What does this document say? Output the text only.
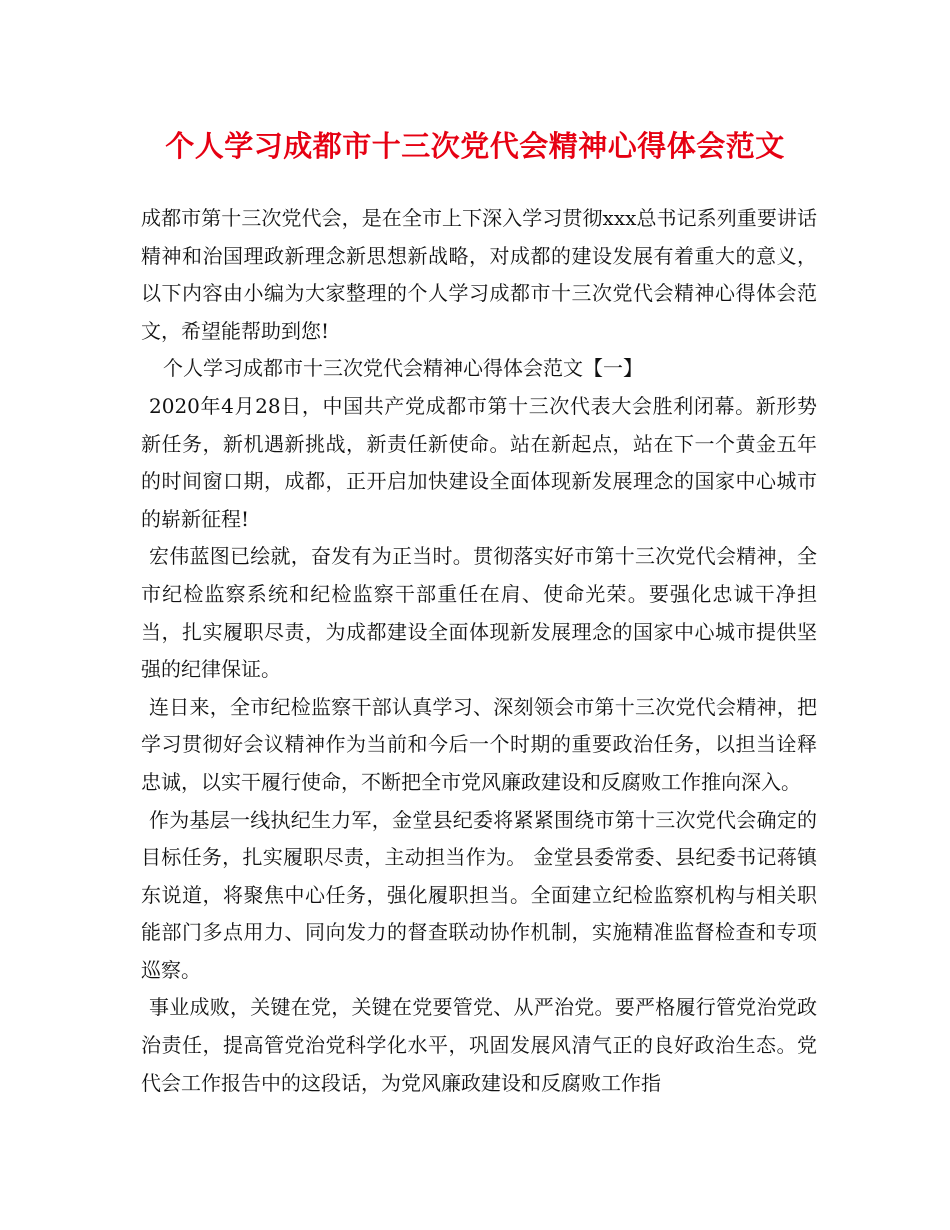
个人学习成都市十三次党代会精神心得体会范文

成都市第十三次党代会，是在全市上下深入学习贯彻xxx总书记系列重要讲话精神和治国理政新理念新思想新战略，对成都的建设发展有着重大的意义，以下内容由小编为大家整理的个人学习成都市十三次党代会精神心得体会范文，希望能帮助到您!

个人学习成都市十三次党代会精神心得体会范文【一】

2020年4月28日，中国共产党成都市第十三次代表大会胜利闭幕。新形势新任务，新机遇新挑战，新责任新使命。站在新起点，站在下一个黄金五年的时间窗口期，成都，正开启加快建设全面体现新发展理念的国家中心城市的崭新征程!

宏伟蓝图已绘就，奋发有为正当时。贯彻落实好市第十三次党代会精神，全市纪检监察系统和纪检监察干部重任在肩、使命光荣。要强化忠诚干净担当，扎实履职尽责，为成都建设全面体现新发展理念的国家中心城市提供坚强的纪律保证。

连日来，全市纪检监察干部认真学习、深刻领会市第十三次党代会精神，把学习贯彻好会议精神作为当前和今后一个时期的重要政治任务，以担当诠释忠诚，以实干履行使命，不断把全市党风廉政建设和反腐败工作推向深入。

作为基层一线执纪生力军，金堂县纪委将紧紧围绕市第十三次党代会确定的目标任务，扎实履职尽责，主动担当作为。 金堂县委常委、县纪委书记蒋镇东说道，将聚焦中心任务，强化履职担当。全面建立纪检监察机构与相关职能部门多点用力、同向发力的督查联动协作机制，实施精准监督检查和专项巡察。

事业成败，关键在党，关键在党要管党、从严治党。要严格履行管党治党政治责任，提高管党治党科学化水平，巩固发展风清气正的良好政治生态。党代会工作报告中的这段话，为党风廉政建设和反腐败工作指
